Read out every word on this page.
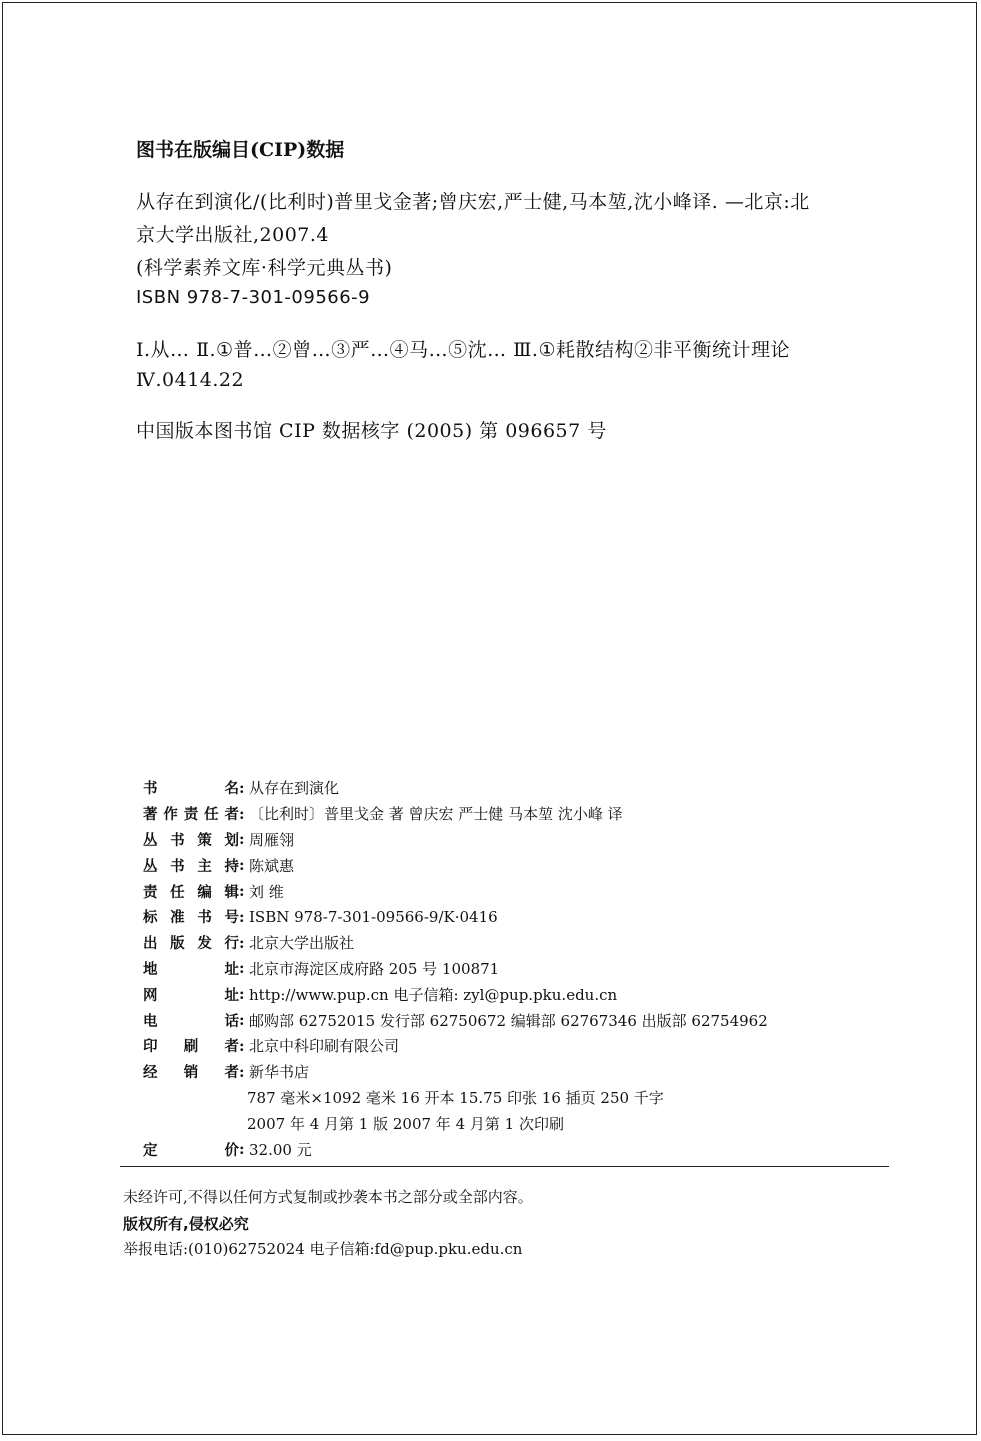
图书在版编目(CIP)数据
从存在到演化/(比利时)普里戈金著;曾庆宏,严士健,马本堃,沈小峰译. —北京:北
京大学出版社,2007.4
(科学素养文库·科学元典丛书)
ISBN 978-7-301-09566-9
Ⅰ.从… Ⅱ.①普…②曾…③严…④马…⑤沈… Ⅲ.①耗散结构②非平衡统计理论
Ⅳ.0414.22
中国版本图书馆 CIP 数据核字 (2005) 第 096657 号
书	名 : 从存在到演化
著 作 责 任 者 : 〔比利时〕普里戈金 著 曾庆宏 严士健 马本堃 沈小峰 译
丛 书 策 划 : 周雁翎
丛 书 主 持 : 陈斌惠
责 任 编 辑 : 刘 维
标 准 书 号 : ISBN 978-7-301-09566-9/K·0416
出 版 发 行 : 北京大学出版社
地	址 : 北京市海淀区成府路 205 号 100871
网	址 : http://www.pup.cn 电子信箱: zyl@pup.pku.edu.cn
电	话 : 邮购部 62752015 发行部 62750672 编辑部 62767346 出版部 62754962
印 刷 者 : 北京中科印刷有限公司
经 销 者 : 新华书店
787 毫米×1092 毫米 16 开本 15.75 印张 16 插页 250 千字
2007 年 4 月第 1 版 2007 年 4 月第 1 次印刷
定	价 : 32.00 元
未经许可,不得以任何方式复制或抄袭本书之部分或全部内容。
版权所有,侵权必究
举报电话:(010)62752024 电子信箱:fd@pup.pku.edu.cn
